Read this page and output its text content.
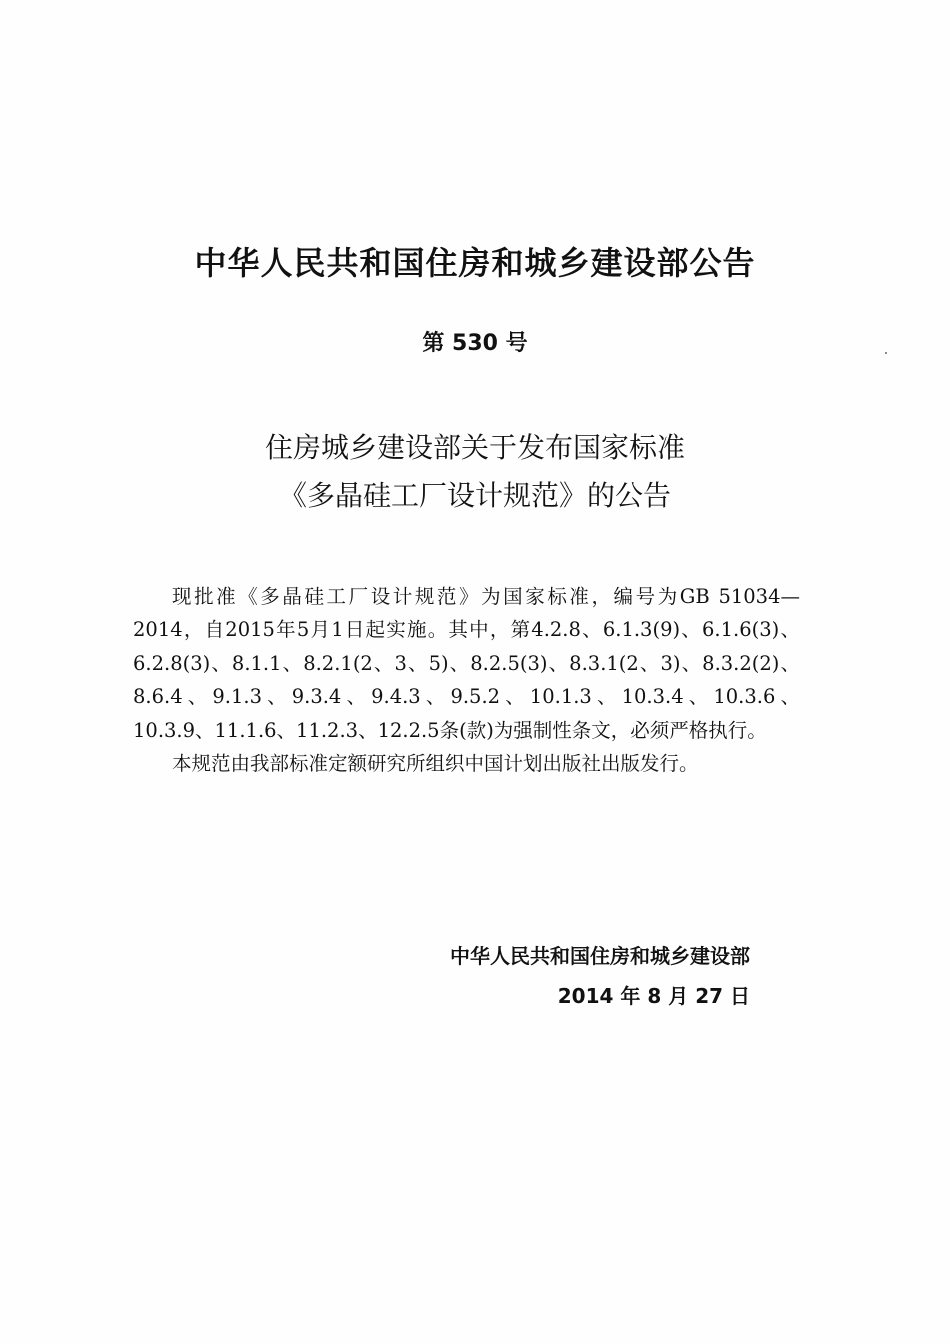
中华人民共和国住房和城乡建设部公告
第 530 号
住房城乡建设部关于发布国家标准
《多晶硅工厂设计规范》的公告

现批准《多晶硅工厂设计规范》为国家标准，编号为GB 51034—2014，自2015年5月1日起实施。其中，第4.2.8、6.1.3(9)、6.1.6(3)、6.2.8(3)、8.1.1、8.2.1(2、3、5)、8.2.5(3)、8.3.1(2、3)、8.3.2(2)、8.6.4、9.1.3、9.3.4、9.4.3、9.5.2、10.1.3、10.3.4、10.3.6、10.3.9、11.1.6、11.2.3、12.2.5条(款)为强制性条文，必须严格执行。

本规范由我部标准定额研究所组织中国计划出版社出版发行。

中华人民共和国住房和城乡建设部
2014 年 8 月 27 日
